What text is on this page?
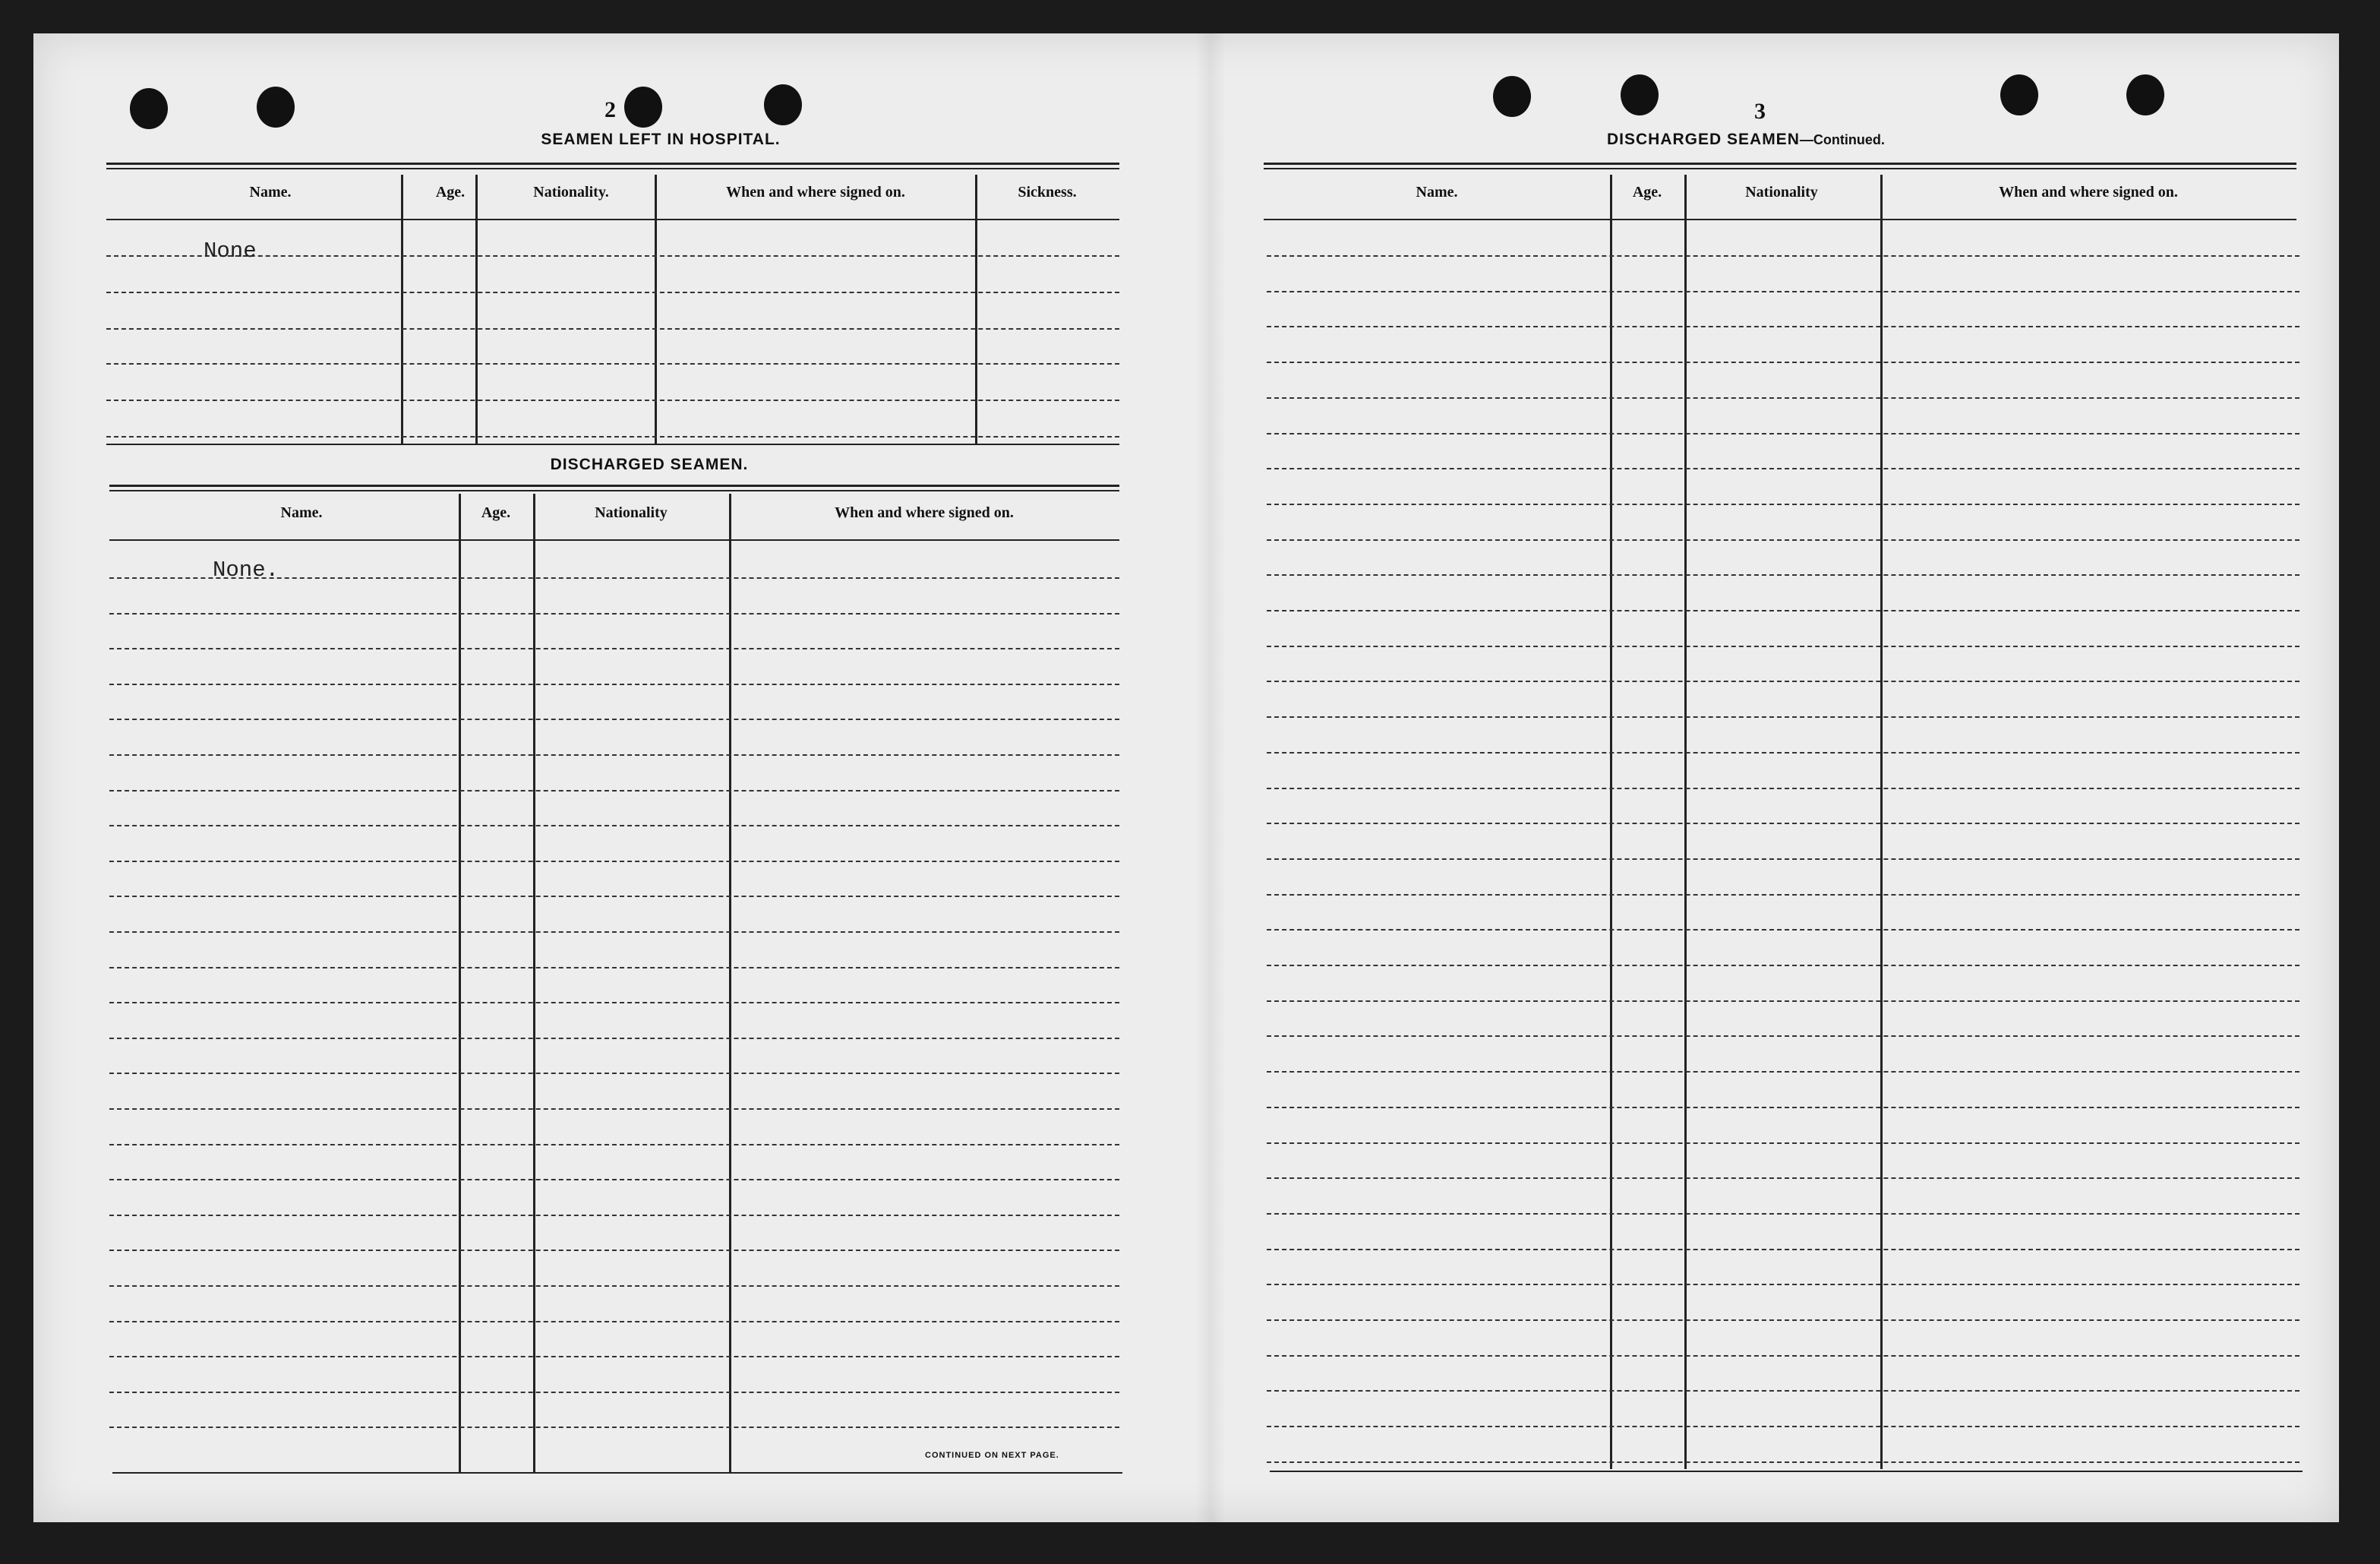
2
SEAMEN LEFT IN HOSPITAL.
Name.	Age.	Nationality.	When and where signed on.	Sickness.
None
DISCHARGED SEAMEN.
Name.	Age.	Nationality	When and where signed on.
None.
CONTINUED ON NEXT PAGE.
3
DISCHARGED SEAMEN—Continued.
Name.	Age.	Nationality	When and where signed on.
